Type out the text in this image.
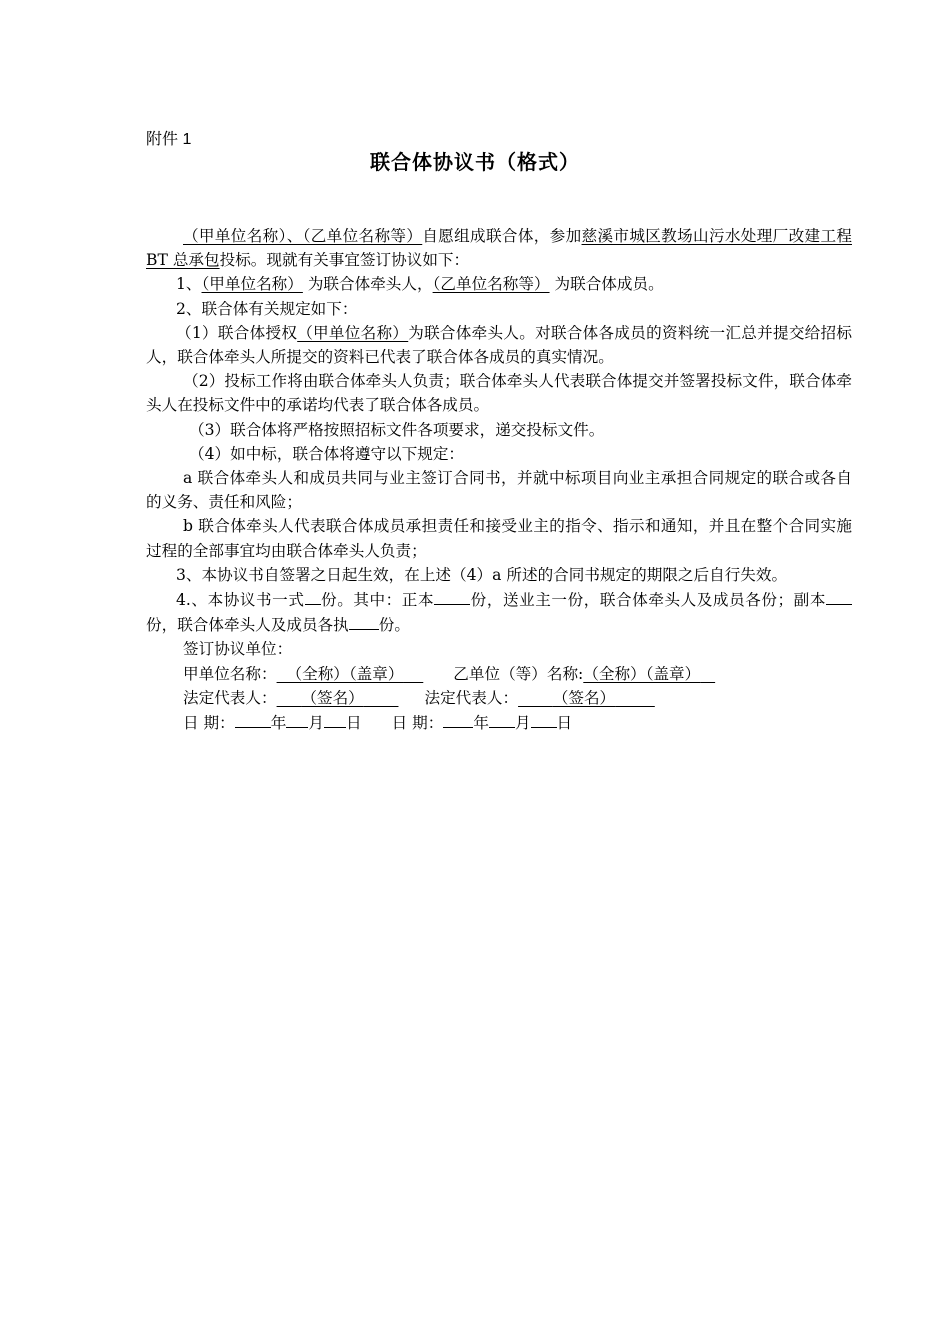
附件 1
联合体协议书（格式）

（甲单位名称）、（乙单位名称等）自愿组成联合体，参加慈溪市城区教场山污水处理厂改建工程 BT 总承包投标。现就有关事宜签订协议如下：

1、（甲单位名称） 为联合体牵头人，（乙单位名称等） 为联合体成员。

2、联合体有关规定如下：

（1）联合体授权（甲单位名称）为联合体牵头人。对联合体各成员的资料统一汇总并提交给招标人，联合体牵头人所提交的资料已代表了联合体各成员的真实情况。

（2）投标工作将由联合体牵头人负责；联合体牵头人代表联合体提交并签署投标文件，联合体牵头人在投标文件中的承诺均代表了联合体各成员。

（3）联合体将严格按照招标文件各项要求，递交投标文件。

（4）如中标，联合体将遵守以下规定：

a 联合体牵头人和成员共同与业主签订合同书，并就中标项目向业主承担合同规定的联合或各自的义务、责任和风险；

b 联合体牵头人代表联合体成员承担责任和接受业主的指令、指示和通知，并且在整个合同实施过程的全部事宜均由联合体牵头人负责；

3、本协议书自签署之日起生效，在上述（4）a 所述的合同书规定的期限之后自行失效。

4.、本协议书一式 份。其中：正本 份，送业主一份，联合体牵头人及成员各份；副本份，联合体牵头人及成员各执 份。

签订协议单位：

甲单位名称： （全称）（盖章）	乙单位（等）名称:（全称）（盖章）

法定代表人： （签名）	法定代表人： （签名）

日 期： 年 月 日 日 期： 年 月 日
